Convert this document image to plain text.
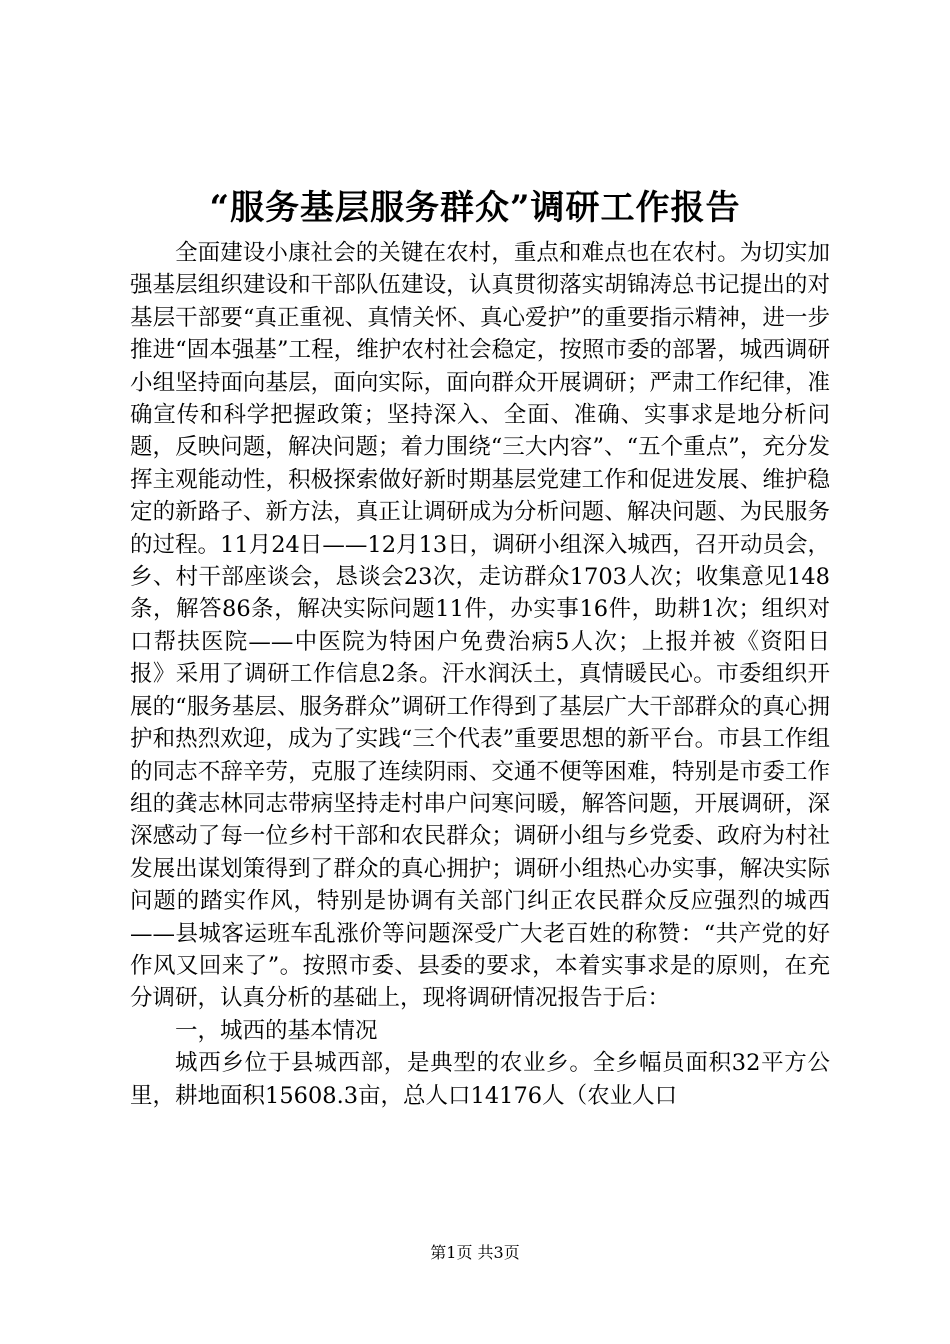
“服务基层服务群众”调研工作报告

全面建设小康社会的关键在农村，重点和难点也在农村。为切实加强基层组织建设和干部队伍建设，认真贯彻落实胡锦涛总书记提出的对基层干部要“真正重视、真情关怀、真心爱护”的重要指示精神，进一步推进“固本强基”工程，维护农村社会稳定，按照市委的部署，城西调研小组坚持面向基层，面向实际，面向群众开展调研；严肃工作纪律，准确宣传和科学把握政策；坚持深入、全面、准确、实事求是地分析问题，反映问题，解决问题；着力围绕“三大内容”、“五个重点”，充分发挥主观能动性，积极探索做好新时期基层党建工作和促进发展、维护稳定的新路子、新方法，真正让调研成为分析问题、解决问题、为民服务的过程。11月24日——12月13日，调研小组深入城西，召开动员会，乡、村干部座谈会，恳谈会23次，走访群众1703人次；收集意见148条，解答86条，解决实际问题11件，办实事16件，助耕1次；组织对口帮扶医院——中医院为特困户免费治病5人次；上报并被《资阳日报》采用了调研工作信息2条。汗水润沃土，真情暖民心。市委组织开展的“服务基层、服务群众”调研工作得到了基层广大干部群众的真心拥护和热烈欢迎，成为了实践“三个代表”重要思想的新平台。市县工作组的同志不辞辛劳，克服了连续阴雨、交通不便等困难，特别是市委工作组的龚志林同志带病坚持走村串户问寒问暖，解答问题，开展调研，深深感动了每一位乡村干部和农民群众；调研小组与乡党委、政府为村社发展出谋划策得到了群众的真心拥护；调研小组热心办实事，解决实际问题的踏实作风，特别是协调有关部门纠正农民群众反应强烈的城西——县城客运班车乱涨价等问题深受广大老百姓的称赞：“共产党的好作风又回来了”。按照市委、县委的要求，本着实事求是的原则，在充分调研，认真分析的基础上，现将调研情况报告于后：

一，城西的基本情况

城西乡位于县城西部，是典型的农业乡。全乡幅员面积32平方公里，耕地面积15608.3亩，总人口14176人（农业人口

第1页 共3页
